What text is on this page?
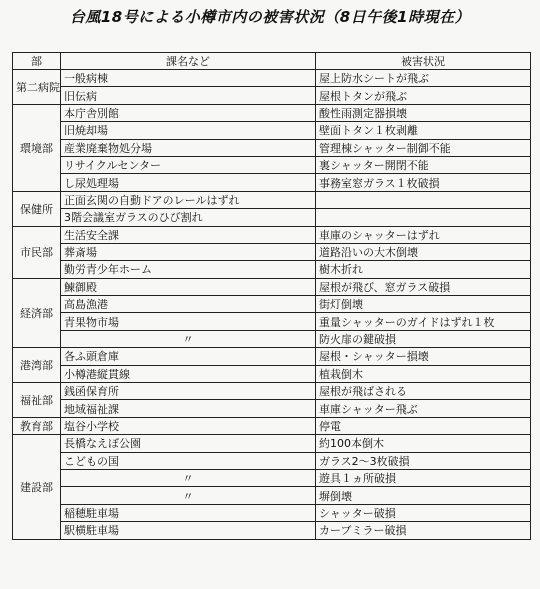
台風18号による小樽市内の被害状況（8日午後1時現在）
部	課名など	被害状況
第二病院	一般病棟	屋上防水シートが飛ぶ
	旧伝病	屋根トタンが飛ぶ
環境部	本庁舎別館	酸性雨測定器損壊
	旧焼却場	壁面トタン１枚剥離
	産業廃棄物処分場	管理棟シャッター制御不能
	リサイクルセンター	裏シャッター開閉不能
	し尿処理場	事務室窓ガラス１枚破損
保健所	正面玄関の自動ドアのレールはずれ	
	3階会議室ガラスのひび割れ	
市民部	生活安全課	車庫のシャッターはずれ
	葬斎場	道路沿いの大木倒壊
	勤労青少年ホーム	樹木折れ
経済部	鰊御殿	屋根が飛び、窓ガラス破損
	高島漁港	街灯倒壊
	青果物市場	重量シャッターのガイドはずれ１枚
	〃	防火扉の鍵破損
港湾部	各ふ頭倉庫	屋根・シャッター損壊
	小樽港縦貫線	植栽倒木
福祉部	銭函保育所	屋根が飛ばされる
	地域福祉課	車庫シャッター飛ぶ
教育部	塩谷小学校	停電
建設部	長橋なえぼ公園	約100本倒木
	こどもの国	ガラス2～3枚破損
	〃	遊具１ヵ所破損
	〃	塀倒壊
	稲穂駐車場	シャッター破損
	駅横駐車場	カーブミラー破損
